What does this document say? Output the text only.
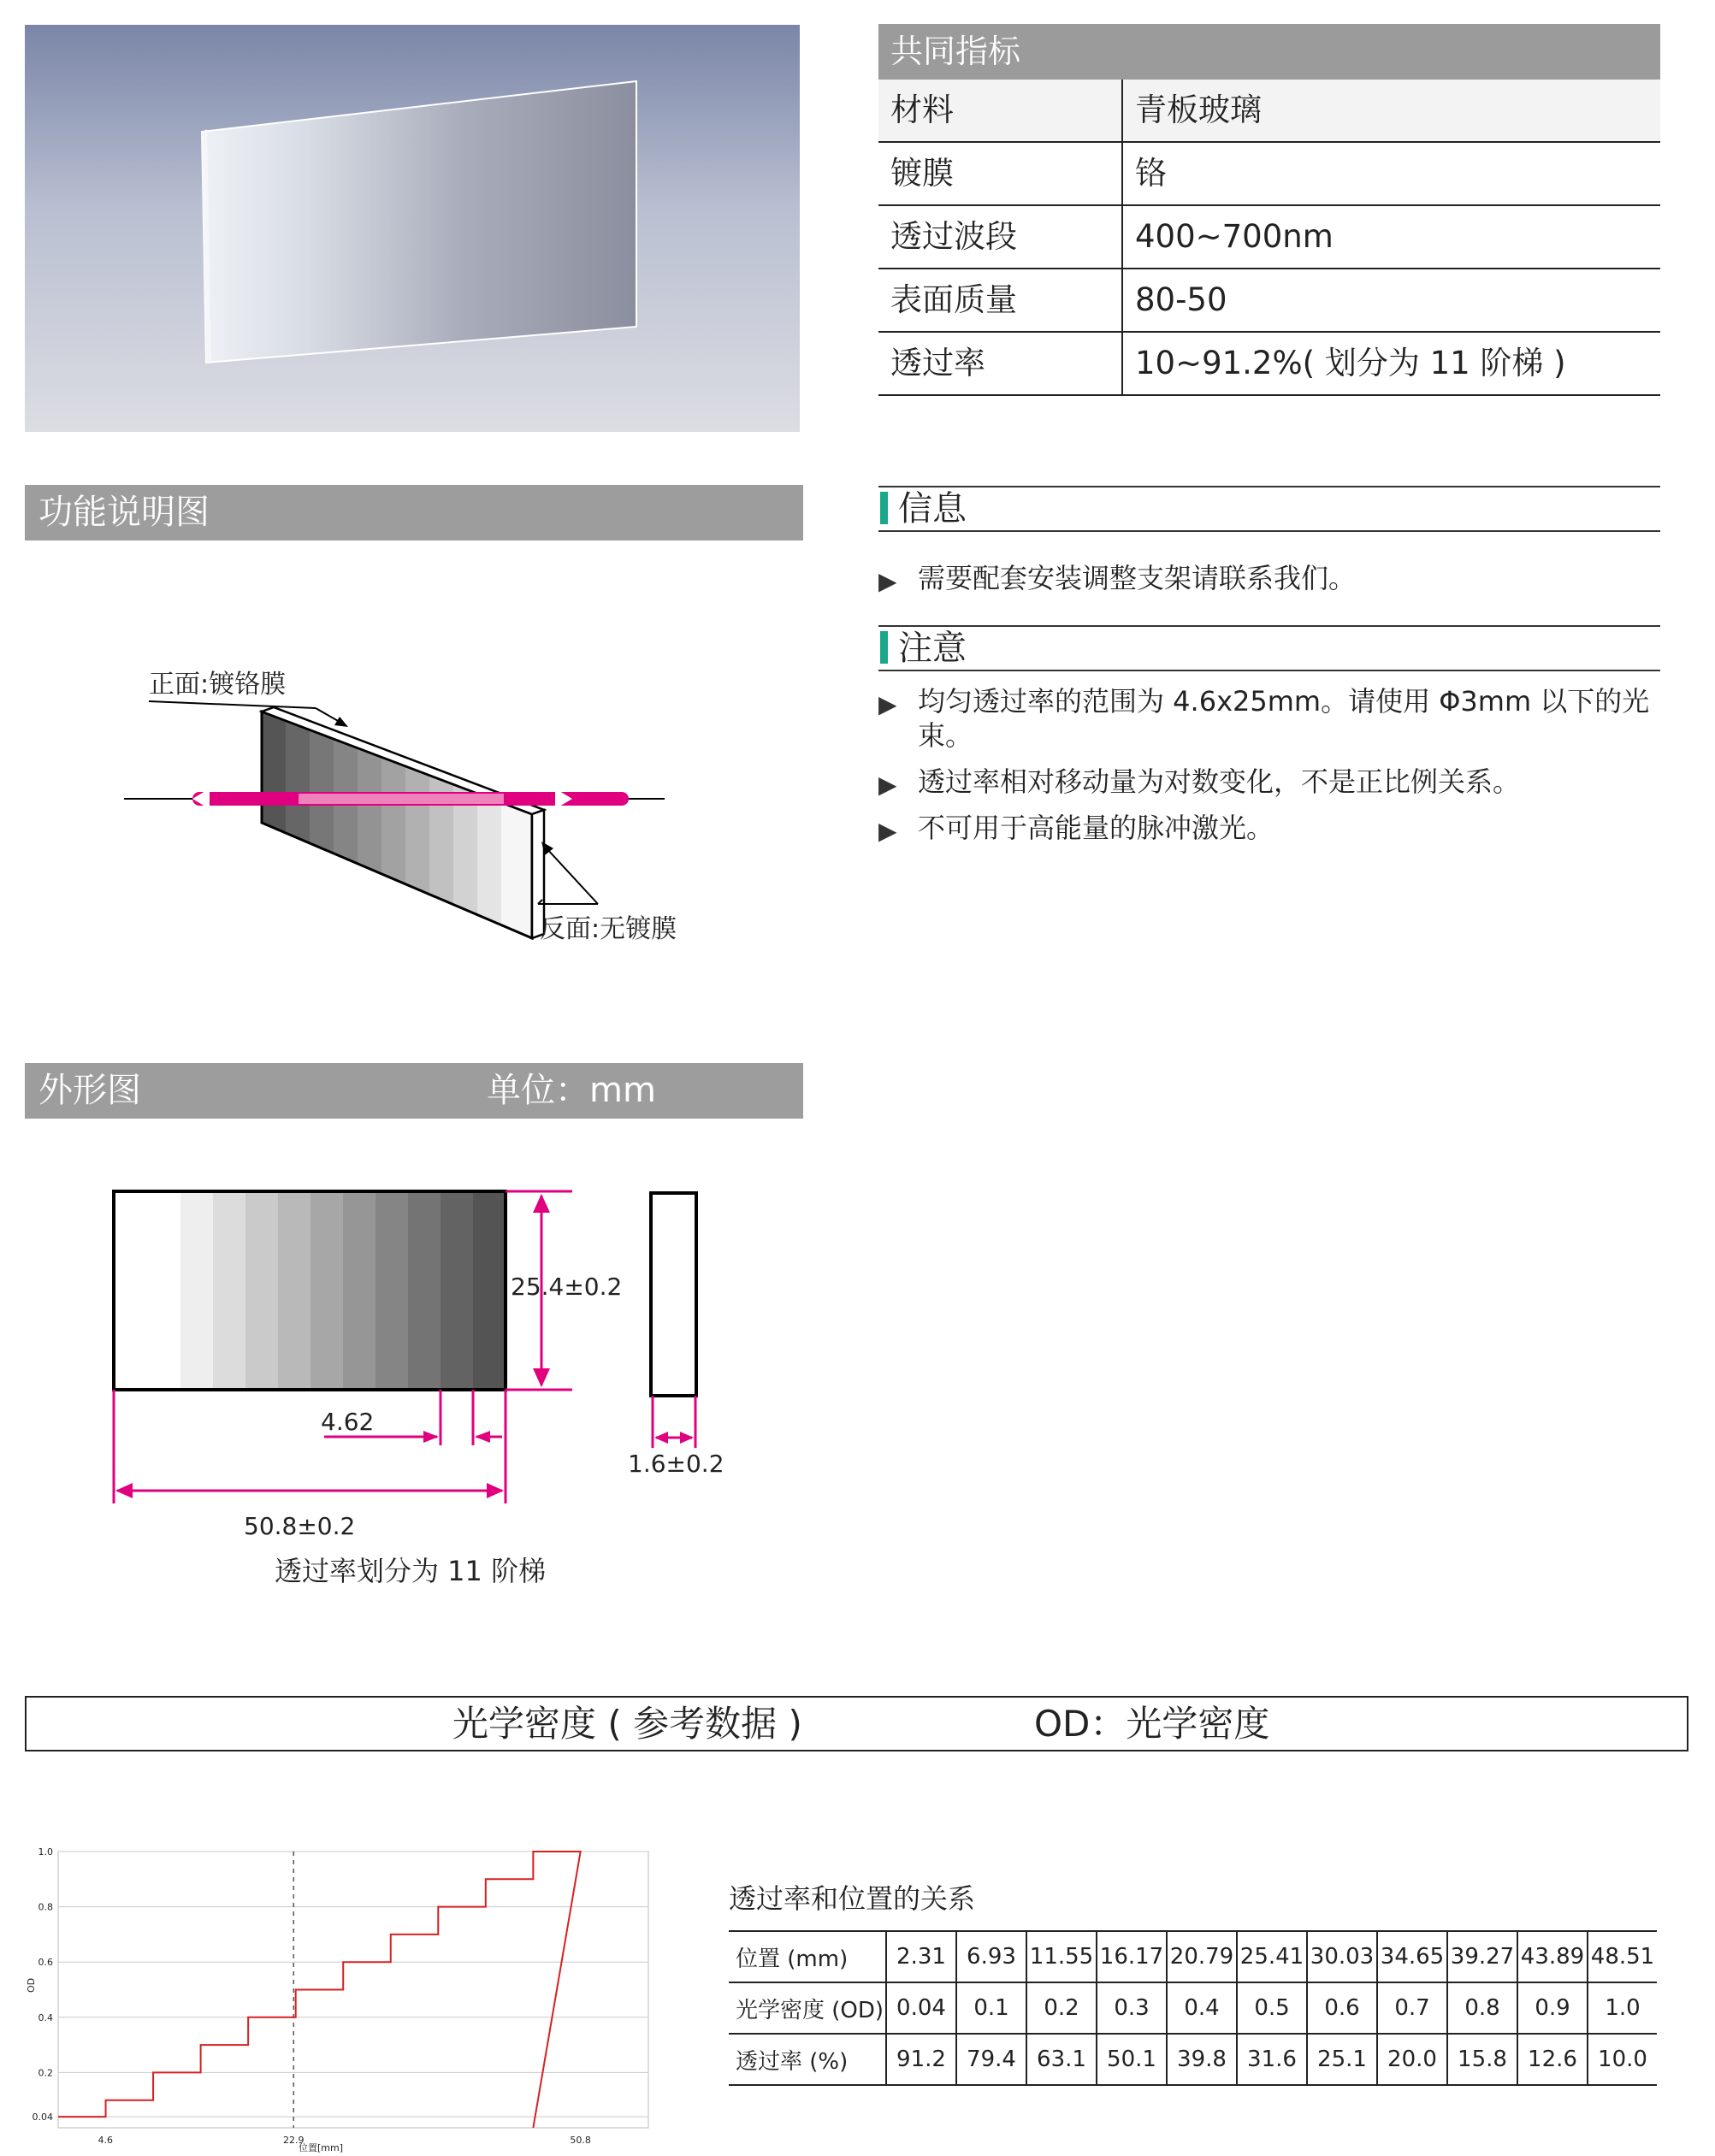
共同指标
材料	青板玻璃
镀膜	铬
透过波段	400~700nm
表面质量	80-50
透过率	10~91.2%( 划分为 11 阶梯 )
功能说明图
正面:镀铬膜
反面:无镀膜
外形图	单位：mm
25.4±0.2
1.6±0.2
4.62
50.8±0.2
透过率划分为 11 阶梯
信息
▶ 需要配套安装调整支架请联系我们。
注意
▶ 均匀透过率的范围为 4.6x25mm。请使用 Φ3mm 以下的光束。
▶ 透过率相对移动量为对数变化，不是正比例关系。
▶ 不可用于高能量的脉冲激光。
光学密度 ( 参考数据 )	OD：光学密度
0.04
0.2
0.4
0.6
0.8
1.0
4.6	22.9	50.8
OD
位置[mm]
透过率和位置的关系
位置 (mm)	2.31	6.93	11.55	16.17	20.79	25.41	30.03	34.65	39.27	43.89	48.51
光学密度 (OD)	0.04	0.1	0.2	0.3	0.4	0.5	0.6	0.7	0.8	0.9	1.0
透过率 (%)	91.2	79.4	63.1	50.1	39.8	31.6	25.1	20.0	15.8	12.6	10.0
